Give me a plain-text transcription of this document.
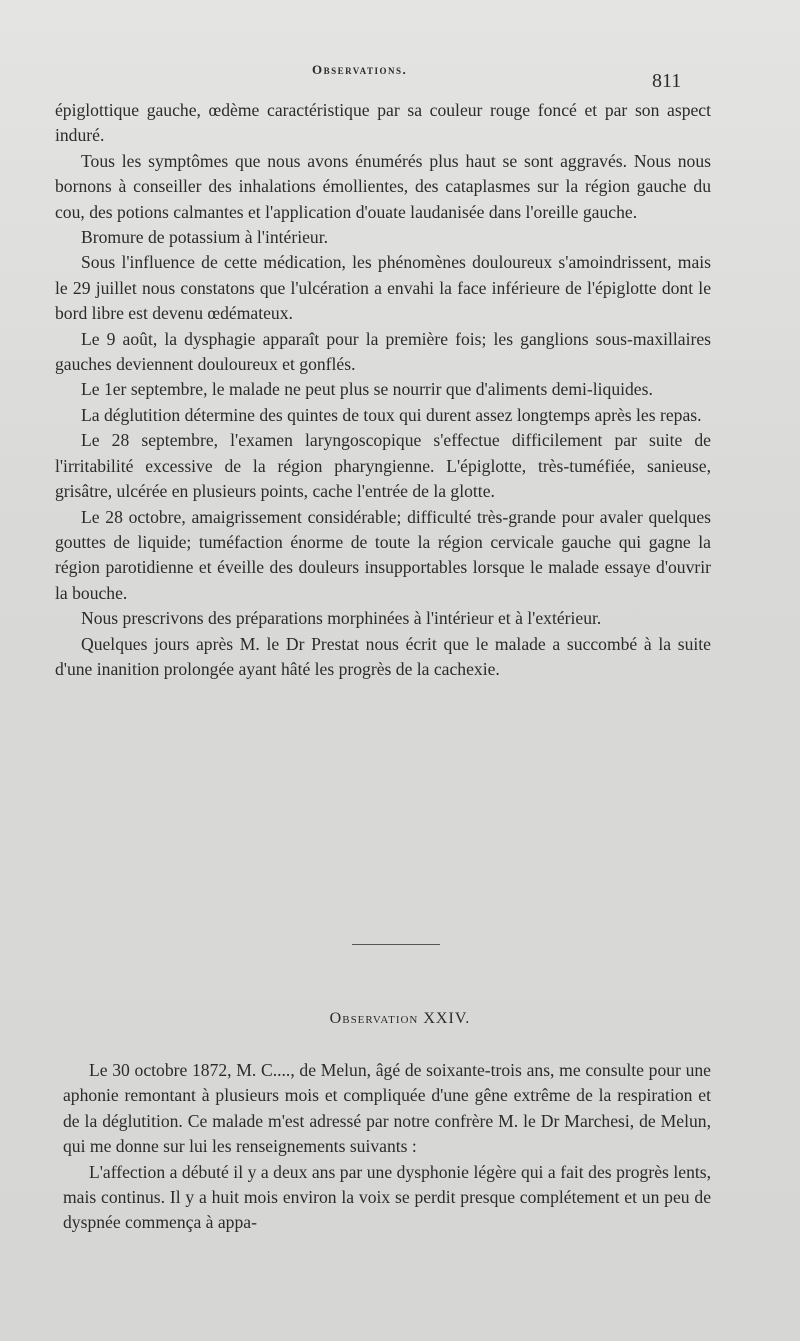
Observations.
811

épiglottique gauche, œdème caractéristique par sa couleur rouge foncé et par son aspect induré.

Tous les symptômes que nous avons énumérés plus haut se sont aggravés. Nous nous bornons à conseiller des inhalations émollientes, des cataplasmes sur la région gauche du cou, des potions calmantes et l'application d'ouate laudanisée dans l'oreille gauche.

Bromure de potassium à l'intérieur.

Sous l'influence de cette médication, les phénomènes douloureux s'amoindrissent, mais le 29 juillet nous constatons que l'ulcération a envahi la face inférieure de l'épiglotte dont le bord libre est devenu œdémateux.

Le 9 août, la dysphagie apparaît pour la première fois; les ganglions sous-maxillaires gauches deviennent douloureux et gonflés.

Le 1er septembre, le malade ne peut plus se nourrir que d'aliments demi-liquides.

La déglutition détermine des quintes de toux qui durent assez longtemps après les repas.

Le 28 septembre, l'examen laryngoscopique s'effectue difficilement par suite de l'irritabilité excessive de la région pharyngienne. L'épiglotte, très-tuméfiée, sanieuse, grisâtre, ulcérée en plusieurs points, cache l'entrée de la glotte.

Le 28 octobre, amaigrissement considérable; difficulté très-grande pour avaler quelques gouttes de liquide; tuméfaction énorme de toute la région cervicale gauche qui gagne la région parotidienne et éveille des douleurs insupportables lorsque le malade essaye d'ouvrir la bouche.

Nous prescrivons des préparations morphinées à l'intérieur et à l'extérieur.

Quelques jours après M. le Dr Prestat nous écrit que le malade a succombé à la suite d'une inanition prolongée ayant hâté les progrès de la cachexie.

Observation XXIV.

Le 30 octobre 1872, M. C...., de Melun, âgé de soixante-trois ans, me consulte pour une aphonie remontant à plusieurs mois et compliquée d'une gêne extrême de la respiration et de la déglutition. Ce malade m'est adressé par notre confrère M. le Dr Marchesi, de Melun, qui me donne sur lui les renseignements suivants :

L'affection a débuté il y a deux ans par une dysphonie légère qui a fait des progrès lents, mais continus. Il y a huit mois environ la voix se perdit presque complétement et un peu de dyspnée commença à appa-
